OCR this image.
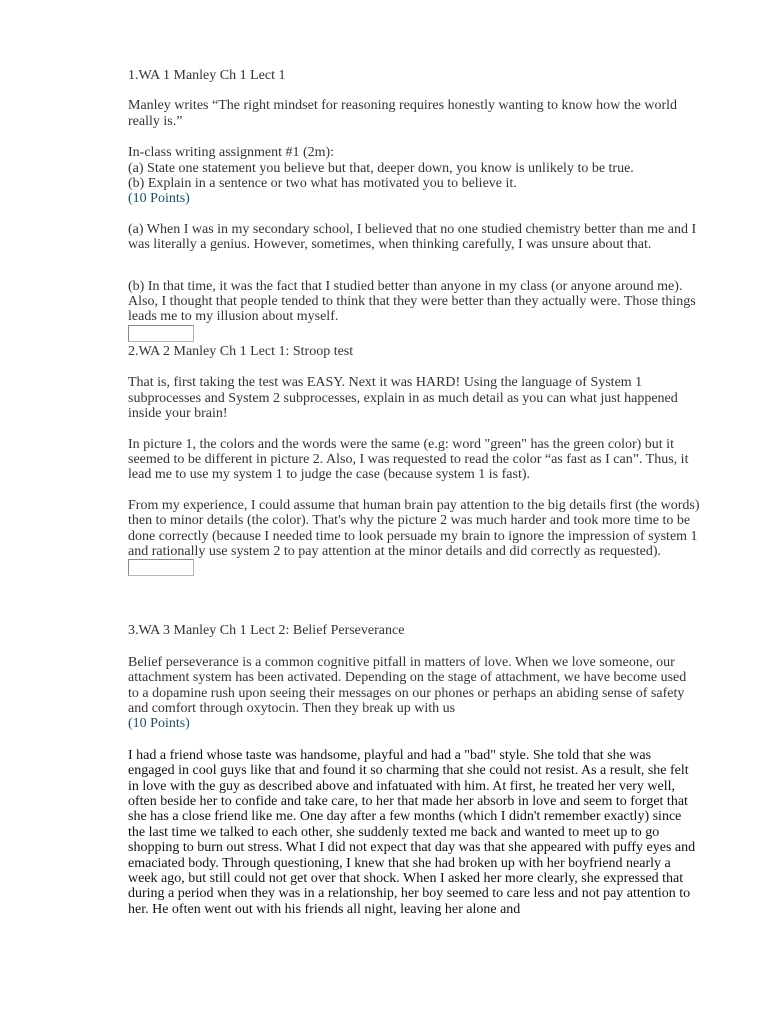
1.WA 1 Manley Ch 1 Lect 1

Manley writes “The right mindset for reasoning requires honestly wanting to know how the world really is.”

In-class writing assignment #1 (2m):
(a) State one statement you believe but that, deeper down, you know is unlikely to be true.
(b) Explain in a sentence or two what has motivated you to believe it.
(10 Points)

(a) When I was in my secondary school, I believed that no one studied chemistry better than me and I was literally a genius. However, sometimes, when thinking carefully, I was unsure about that.

(b) In that time, it was the fact that I studied better than anyone in my class (or anyone around me). Also, I thought that people tended to think that they were better than they actually were. Those things leads me to my illusion about myself.

2.WA 2 Manley Ch 1 Lect 1: Stroop test

That is, first taking the test was EASY. Next it was HARD! Using the language of System 1 subprocesses and System 2 subprocesses, explain in as much detail as you can what just happened inside your brain!

In picture 1, the colors and the words were the same (e.g: word "green" has the green color) but it seemed to be different in picture 2. Also, I was requested to read the color “as fast as I can”. Thus, it lead me to use my system 1 to judge the case (because system 1 is fast).

From my experience, I could assume that human brain pay attention to the big details first (the words) then to minor details (the color). That's why the picture 2 was much harder and took more time to be done correctly (because I needed time to look persuade my brain to ignore the impression of system 1 and rationally use system 2 to pay attention at the minor details and did correctly as requested).

3.WA 3 Manley Ch 1 Lect 2: Belief Perseverance

Belief perseverance is a common cognitive pitfall in matters of love. When we love someone, our attachment system has been activated. Depending on the stage of attachment, we have become used to a dopamine rush upon seeing their messages on our phones or perhaps an abiding sense of safety and comfort through oxytocin. Then they break up with us
(10 Points)

I had a friend whose taste was handsome, playful and had a "bad" style. She told that she was engaged in cool guys like that and found it so charming that she could not resist. As a result, she felt in love with the guy as described above and infatuated with him. At first, he treated her very well, often beside her to confide and take care, to her that made her absorb in love and seem to forget that she has a close friend like me. One day after a few months (which I didn't remember exactly) since the last time we talked to each other, she suddenly texted me back and wanted to meet up to go shopping to burn out stress. What I did not expect that day was that she appeared with puffy eyes and emaciated body. Through questioning, I knew that she had broken up with her boyfriend nearly a week ago, but still could not get over that shock. When I asked her more clearly, she expressed that during a period when they was in a relationship, her boy seemed to care less and not pay attention to her. He often went out with his friends all night, leaving her alone and
